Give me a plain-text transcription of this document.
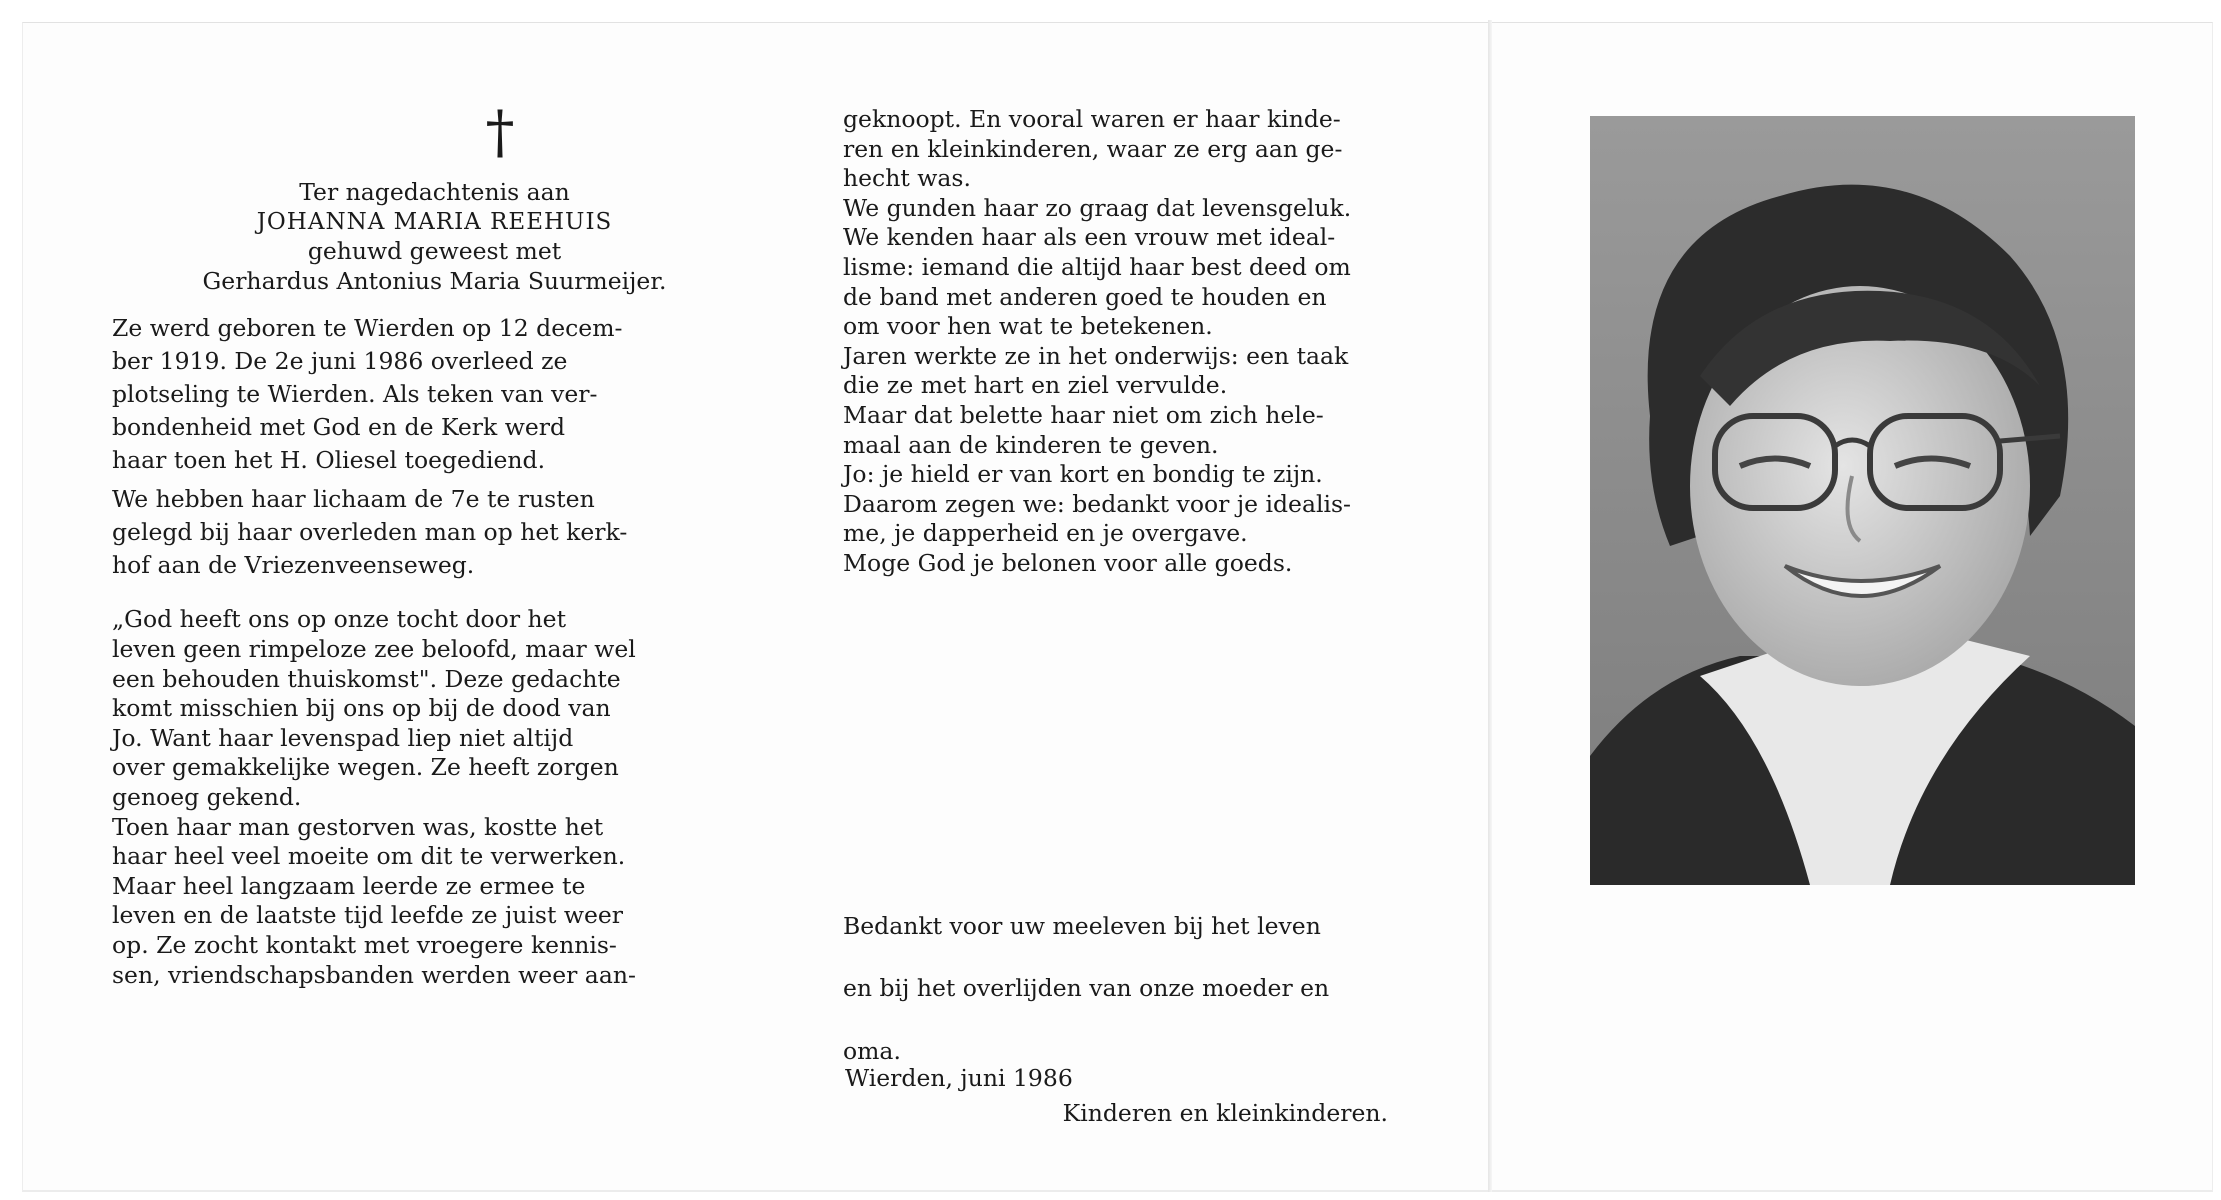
†

Ter nagedachtenis aan

JOHANNA MARIA REEHUIS

gehuwd geweest met

Gerhardus Antonius Maria Suurmeijer.

Ze werd geboren te Wierden op 12 decem-

ber 1919. De 2e juni 1986 overleed ze

plotseling te Wierden. Als teken van ver-

bondenheid met God en de Kerk werd

haar toen het H. Oliesel toegediend.

We hebben haar lichaam de 7e te rusten

gelegd bij haar overleden man op het kerk-

hof aan de Vriezenveenseweg.

„God heeft ons op onze tocht door het

leven geen rimpeloze zee beloofd, maar wel

een behouden thuiskomst". Deze gedachte

komt misschien bij ons op bij de dood van

Jo. Want haar levenspad liep niet altijd

over gemakkelijke wegen. Ze heeft zorgen

genoeg gekend.

Toen haar man gestorven was, kostte het

haar heel veel moeite om dit te verwerken.

Maar heel langzaam leerde ze ermee te

leven en de laatste tijd leefde ze juist weer

op. Ze zocht kontakt met vroegere kennis-

sen, vriendschapsbanden werden weer aan-

geknoopt. En vooral waren er haar kinde-

ren en kleinkinderen, waar ze erg aan ge-

hecht was.

We gunden haar zo graag dat levensgeluk.

We kenden haar als een vrouw met ideal-

lisme: iemand die altijd haar best deed om

de band met anderen goed te houden en

om voor hen wat te betekenen.

Jaren werkte ze in het onderwijs: een taak

die ze met hart en ziel vervulde.

Maar dat belette haar niet om zich hele-

maal aan de kinderen te geven.

Jo: je hield er van kort en bondig te zijn.

Daarom zegen we: bedankt voor je idealis-

me, je dapperheid en je overgave.

Moge God je belonen voor alle goeds.

Bedankt voor uw meeleven bij het leven

en bij het overlijden van onze moeder en

oma.

Kinderen en kleinkinderen.

Wierden, juni 1986
